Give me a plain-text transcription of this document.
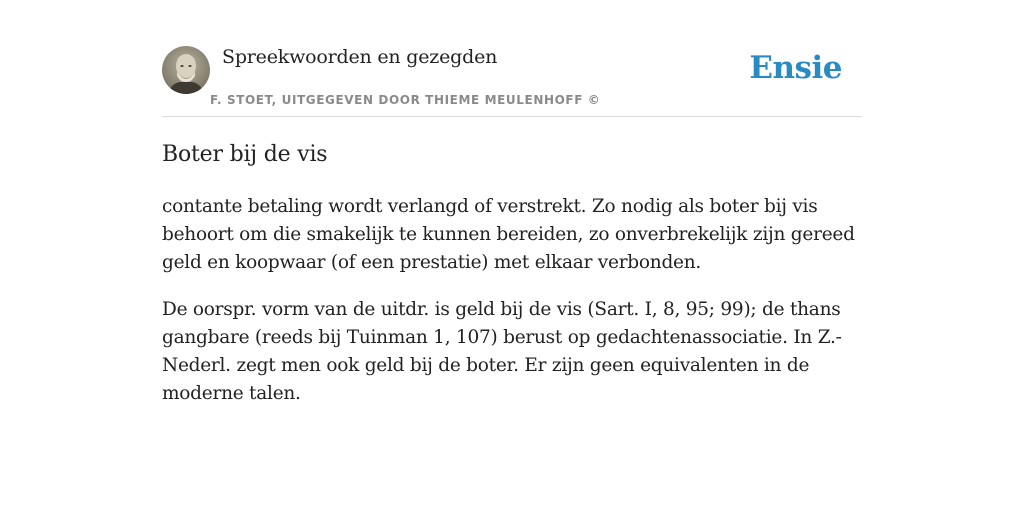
Spreekwoorden en gezegden
F. STOET, UITGEGEVEN DOOR THIEME MEULENHOFF ©
Ensie
Boter bij de vis

contante betaling wordt verlangd of verstrekt. Zo nodig als boter bij vis behoort om die smakelijk te kunnen bereiden, zo onverbrekelijk zijn gereed geld en koopwaar (of een prestatie) met elkaar verbonden.

De oorspr. vorm van de uitdr. is geld bij de vis (Sart. I, 8, 95; 99); de thans gangbare (reeds bij Tuinman 1, 107) berust op gedachtenassociatie. In Z.-Nederl. zegt men ook geld bij de boter. Er zijn geen equivalenten in de moderne talen.
